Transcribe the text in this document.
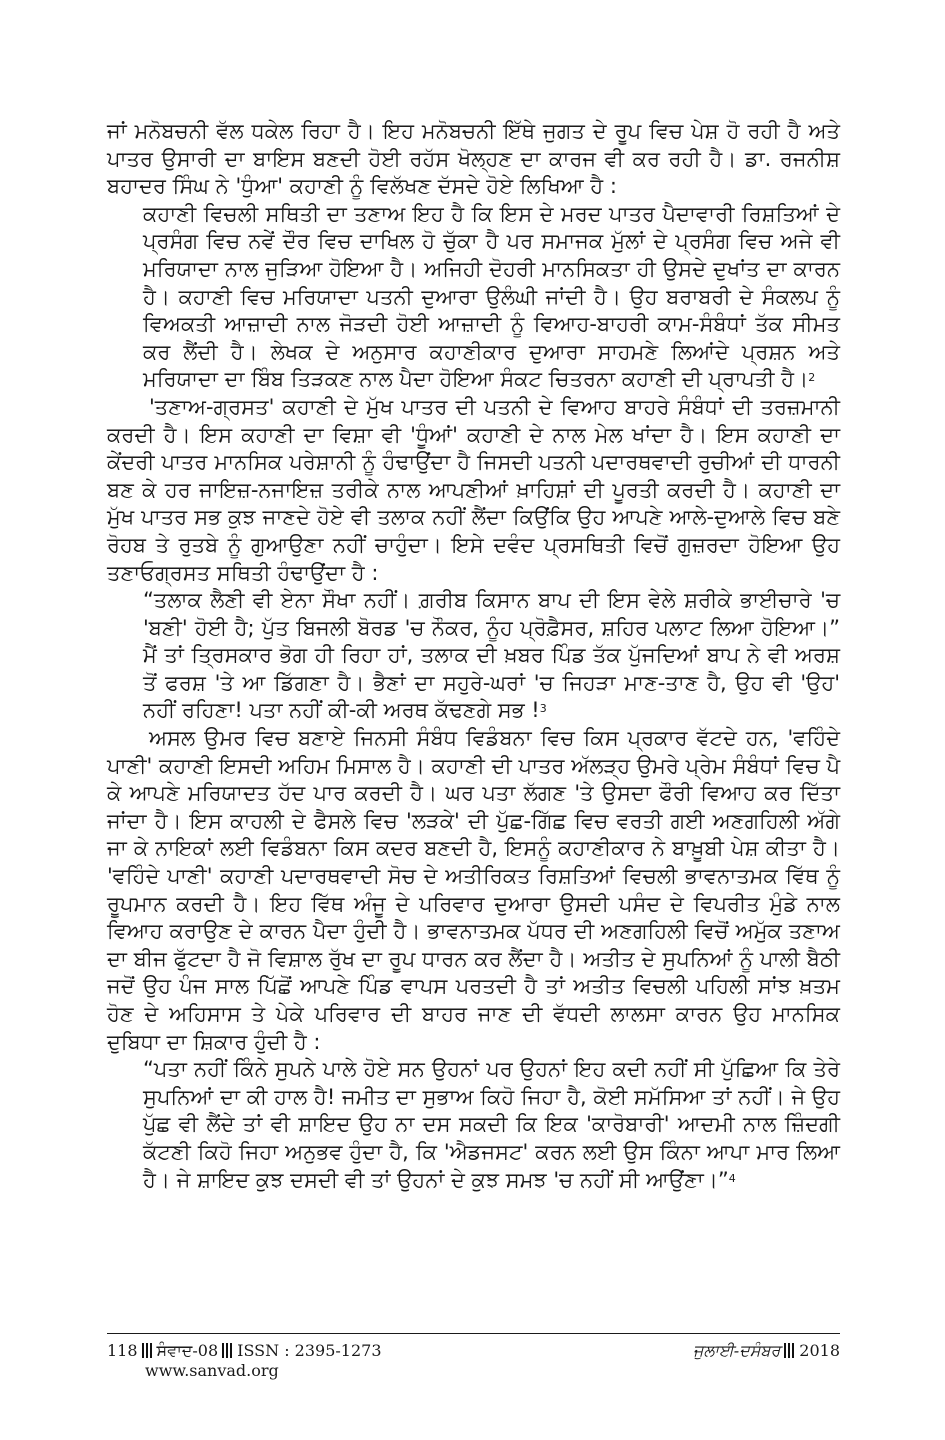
ਜਾਂ ਮਨੋਬਚਨੀ ਵੱਲ ਧਕੇਲ ਰਿਹਾ ਹੈ। ਇਹ ਮਨੋਬਚਨੀ ਇੱਥੇ ਜੁਗਤ ਦੇ ਰੂਪ ਵਿਚ ਪੇਸ਼ ਹੋ ਰਹੀ ਹੈ ਅਤੇ ਪਾਤਰ ਉਸਾਰੀ ਦਾ ਬਾਇਸ ਬਣਦੀ ਹੋਈ ਰਹੱਸ ਖੋਲ੍ਹਣ ਦਾ ਕਾਰਜ ਵੀ ਕਰ ਰਹੀ ਹੈ। ਡਾ. ਰਜਨੀਸ਼ ਬਹਾਦਰ ਸਿੰਘ ਨੇ 'ਧੁੰਆ' ਕਹਾਣੀ ਨੂੰ ਵਿਲੱਖਣ ਦੱਸਦੇ ਹੋਏ ਲਿਖਿਆ ਹੈ :

ਕਹਾਣੀ ਵਿਚਲੀ ਸਥਿਤੀ ਦਾ ਤਣਾਅ ਇਹ ਹੈ ਕਿ ਇਸ ਦੇ ਮਰਦ ਪਾਤਰ ਪੈਦਾਵਾਰੀ ਰਿਸ਼ਤਿਆਂ ਦੇ ਪ੍ਰਸੰਗ ਵਿਚ ਨਵੇਂ ਦੌਰ ਵਿਚ ਦਾਖਿਲ ਹੋ ਚੁੱਕਾ ਹੈ ਪਰ ਸਮਾਜਕ ਮੁੱਲਾਂ ਦੇ ਪ੍ਰਸੰਗ ਵਿਚ ਅਜੇ ਵੀ ਮਰਿਯਾਦਾ ਨਾਲ ਜੁੜਿਆ ਹੋਇਆ ਹੈ। ਅਜਿਹੀ ਦੋਹਰੀ ਮਾਨਸਿਕਤਾ ਹੀ ਉਸਦੇ ਦੁਖਾਂਤ ਦਾ ਕਾਰਨ ਹੈ। ਕਹਾਣੀ ਵਿਚ ਮਰਿਯਾਦਾ ਪਤਨੀ ਦੁਆਰਾ ਉਲੰਘੀ ਜਾਂਦੀ ਹੈ। ਉਹ ਬਰਾਬਰੀ ਦੇ ਸੰਕਲਪ ਨੂੰ ਵਿਅਕਤੀ ਆਜ਼ਾਦੀ ਨਾਲ ਜੋੜਦੀ ਹੋਈ ਆਜ਼ਾਦੀ ਨੂੰ ਵਿਆਹ-ਬਾਹਰੀ ਕਾਮ-ਸੰਬੰਧਾਂ ਤੱਕ ਸੀਮਤ ਕਰ ਲੈਂਦੀ ਹੈ। ਲੇਖਕ ਦੇ ਅਨੁਸਾਰ ਕਹਾਣੀਕਾਰ ਦੁਆਰਾ ਸਾਹਮਣੇ ਲਿਆਂਦੇ ਪ੍ਰਸ਼ਨ ਅਤੇ ਮਰਿਯਾਦਾ ਦਾ ਬਿੰਬ ਤਿੜਕਣ ਨਾਲ ਪੈਦਾ ਹੋਇਆ ਸੰਕਟ ਚਿਤਰਨਾ ਕਹਾਣੀ ਦੀ ਪ੍ਰਾਪਤੀ ਹੈ।$^2$

'ਤਣਾਅ-ਗ੍ਰਸਤ' ਕਹਾਣੀ ਦੇ ਮੁੱਖ ਪਾਤਰ ਦੀ ਪਤਨੀ ਦੇ ਵਿਆਹ ਬਾਹਰੇ ਸੰਬੰਧਾਂ ਦੀ ਤਰਜ਼ਮਾਨੀ ਕਰਦੀ ਹੈ। ਇਸ ਕਹਾਣੀ ਦਾ ਵਿਸ਼ਾ ਵੀ 'ਧੂੰਆਂ' ਕਹਾਣੀ ਦੇ ਨਾਲ ਮੇਲ ਖਾਂਦਾ ਹੈ। ਇਸ ਕਹਾਣੀ ਦਾ ਕੇਂਦਰੀ ਪਾਤਰ ਮਾਨਸਿਕ ਪਰੇਸ਼ਾਨੀ ਨੂੰ ਹੰਢਾਉਂਦਾ ਹੈ ਜਿਸਦੀ ਪਤਨੀ ਪਦਾਰਥਵਾਦੀ ਰੁਚੀਆਂ ਦੀ ਧਾਰਨੀ ਬਣ ਕੇ ਹਰ ਜਾਇਜ਼-ਨਜਾਇਜ਼ ਤਰੀਕੇ ਨਾਲ ਆਪਣੀਆਂ ਖ਼ਾਹਿਸ਼ਾਂ ਦੀ ਪੂਰਤੀ ਕਰਦੀ ਹੈ। ਕਹਾਣੀ ਦਾ ਮੁੱਖ ਪਾਤਰ ਸਭ ਕੁਝ ਜਾਣਦੇ ਹੋਏ ਵੀ ਤਲਾਕ ਨਹੀਂ ਲੈਂਦਾ ਕਿਉਂਕਿ ਉਹ ਆਪਣੇ ਆਲੇ-ਦੁਆਲੇ ਵਿਚ ਬਣੇ ਰੋਹਬ ਤੇ ਰੁਤਬੇ ਨੂੰ ਗੁਆਉਣਾ ਨਹੀਂ ਚਾਹੁੰਦਾ। ਇਸੇ ਦਵੰਦ ਪ੍ਰਸਥਿਤੀ ਵਿਚੋਂ ਗੁਜ਼ਰਦਾ ਹੋਇਆ ਉਹ ਤਣਾਓਗ੍ਰਸਤ ਸਥਿਤੀ ਹੰਢਾਉਂਦਾ ਹੈ :

“ਤਲਾਕ ਲੈਣੀ ਵੀ ਏਨਾ ਸੌਖਾ ਨਹੀਂ। ਗ਼ਰੀਬ ਕਿਸਾਨ ਬਾਪ ਦੀ ਇਸ ਵੇਲੇ ਸ਼ਰੀਕੇ ਭਾਈਚਾਰੇ 'ਚ 'ਬਣੀ' ਹੋਈ ਹੈ; ਪੁੱਤ ਬਿਜਲੀ ਬੋਰਡ 'ਚ ਨੌਕਰ, ਨੂੰਹ ਪ੍ਰੋਫ਼ੈਸਰ, ਸ਼ਹਿਰ ਪਲਾਟ ਲਿਆ ਹੋਇਆ।” ਮੈਂ ਤਾਂ ਤ੍ਰਿਸਕਾਰ ਭੋਗ ਹੀ ਰਿਹਾ ਹਾਂ, ਤਲਾਕ ਦੀ ਖ਼ਬਰ ਪਿੰਡ ਤੱਕ ਪੁੱਜਦਿਆਂ ਬਾਪ ਨੇ ਵੀ ਅਰਸ਼ ਤੋਂ ਫਰਸ਼ 'ਤੇ ਆ ਡਿੱਗਣਾ ਹੈ। ਭੈਣਾਂ ਦਾ ਸਹੁਰੇ-ਘਰਾਂ 'ਚ ਜਿਹੜਾ ਮਾਣ-ਤਾਣ ਹੈ, ਉਹ ਵੀ 'ਉਹ' ਨਹੀਂ ਰਹਿਣਾ! ਪਤਾ ਨਹੀਂ ਕੀ-ਕੀ ਅਰਥ ਕੱਢਣਗੇ ਸਭ !$^3$

ਅਸਲ ਉਮਰ ਵਿਚ ਬਣਾਏ ਜਿਨਸੀ ਸੰਬੰਧ ਵਿਡੰਬਨਾ ਵਿਚ ਕਿਸ ਪ੍ਰਕਾਰ ਵੱਟਦੇ ਹਨ, 'ਵਹਿੰਦੇ ਪਾਣੀ' ਕਹਾਣੀ ਇਸਦੀ ਅਹਿਮ ਮਿਸਾਲ ਹੈ। ਕਹਾਣੀ ਦੀ ਪਾਤਰ ਅੱਲੜ੍ਹ ਉਮਰੇ ਪ੍ਰੇਮ ਸੰਬੰਧਾਂ ਵਿਚ ਪੈ ਕੇ ਆਪਣੇ ਮਰਿਯਾਦਤ ਹੱਦ ਪਾਰ ਕਰਦੀ ਹੈ। ਘਰ ਪਤਾ ਲੱਗਣ 'ਤੇ ਉਸਦਾ ਫੌਰੀ ਵਿਆਹ ਕਰ ਦਿੱਤਾ ਜਾਂਦਾ ਹੈ। ਇਸ ਕਾਹਲੀ ਦੇ ਫੈਸਲੇ ਵਿਚ 'ਲੜਕੇ' ਦੀ ਪੁੱਛ-ਗਿੱਛ ਵਿਚ ਵਰਤੀ ਗਈ ਅਣਗਹਿਲੀ ਅੱਗੇ ਜਾ ਕੇ ਨਾਇਕਾਂ ਲਈ ਵਿਡੰਬਨਾ ਕਿਸ ਕਦਰ ਬਣਦੀ ਹੈ, ਇਸਨੂੰ ਕਹਾਣੀਕਾਰ ਨੇ ਬਾਖ਼ੂਬੀ ਪੇਸ਼ ਕੀਤਾ ਹੈ। 'ਵਹਿੰਦੇ ਪਾਣੀ' ਕਹਾਣੀ ਪਦਾਰਥਵਾਦੀ ਸੋਚ ਦੇ ਅਤੀਰਿਕਤ ਰਿਸ਼ਤਿਆਂ ਵਿਚਲੀ ਭਾਵਨਾਤਮਕ ਵਿੱਥ ਨੂੰ ਰੂਪਮਾਨ ਕਰਦੀ ਹੈ। ਇਹ ਵਿੱਥ ਅੰਜੂ ਦੇ ਪਰਿਵਾਰ ਦੁਆਰਾ ਉਸਦੀ ਪਸੰਦ ਦੇ ਵਿਪਰੀਤ ਮੁੰਡੇ ਨਾਲ ਵਿਆਹ ਕਰਾਉਣ ਦੇ ਕਾਰਨ ਪੈਦਾ ਹੁੰਦੀ ਹੈ। ਭਾਵਨਾਤਮਕ ਪੱਧਰ ਦੀ ਅਣਗਹਿਲੀ ਵਿਚੋਂ ਅਮੁੱਕ ਤਣਾਅ ਦਾ ਬੀਜ ਫੁੱਟਦਾ ਹੈ ਜੋ ਵਿਸ਼ਾਲ ਰੁੱਖ ਦਾ ਰੂਪ ਧਾਰਨ ਕਰ ਲੈਂਦਾ ਹੈ। ਅਤੀਤ ਦੇ ਸੁਪਨਿਆਂ ਨੂੰ ਪਾਲੀ ਬੈਠੀ ਜਦੋਂ ਉਹ ਪੰਜ ਸਾਲ ਪਿੱਛੋਂ ਆਪਣੇ ਪਿੰਡ ਵਾਪਸ ਪਰਤਦੀ ਹੈ ਤਾਂ ਅਤੀਤ ਵਿਚਲੀ ਪਹਿਲੀ ਸਾਂਝ ਖ਼ਤਮ ਹੋਣ ਦੇ ਅਹਿਸਾਸ ਤੇ ਪੇਕੇ ਪਰਿਵਾਰ ਦੀ ਬਾਹਰ ਜਾਣ ਦੀ ਵੱਧਦੀ ਲਾਲਸਾ ਕਾਰਨ ਉਹ ਮਾਨਸਿਕ ਦੁਬਿਧਾ ਦਾ ਸ਼ਿਕਾਰ ਹੁੰਦੀ ਹੈ :

“ਪਤਾ ਨਹੀਂ ਕਿੰਨੇ ਸੁਪਨੇ ਪਾਲੇ ਹੋਏ ਸਨ ਉਹਨਾਂ ਪਰ ਉਹਨਾਂ ਇਹ ਕਦੀ ਨਹੀਂ ਸੀ ਪੁੱਛਿਆ ਕਿ ਤੇਰੇ ਸੁਪਨਿਆਂ ਦਾ ਕੀ ਹਾਲ ਹੈ! ਜਮੀਤ ਦਾ ਸੁਭਾਅ ਕਿਹੋ ਜਿਹਾ ਹੈ, ਕੋਈ ਸਮੱਸਿਆ ਤਾਂ ਨਹੀਂ। ਜੇ ਉਹ ਪੁੱਛ ਵੀ ਲੈਂਦੇ ਤਾਂ ਵੀ ਸ਼ਾਇਦ ਉਹ ਨਾ ਦਸ ਸਕਦੀ ਕਿ ਇਕ 'ਕਾਰੋਬਾਰੀ' ਆਦਮੀ ਨਾਲ ਜ਼ਿੰਦਗੀ ਕੱਟਣੀ ਕਿਹੋ ਜਿਹਾ ਅਨੁਭਵ ਹੁੰਦਾ ਹੈ, ਕਿ 'ਐਡਜਸਟ' ਕਰਨ ਲਈ ਉਸ ਕਿੰਨਾ ਆਪਾ ਮਾਰ ਲਿਆ ਹੈ। ਜੇ ਸ਼ਾਇਦ ਕੁਝ ਦਸਦੀ ਵੀ ਤਾਂ ਉਹਨਾਂ ਦੇ ਕੁਝ ਸਮਝ 'ਚ ਨਹੀਂ ਸੀ ਆਉਂਣਾ।”$^4$

118 ਸੰਵਾਦ-08 ISSN : 2395-1273
www.sanvad.org
ਜੁਲਾਈ-ਦਸੰਬਰ 2018
